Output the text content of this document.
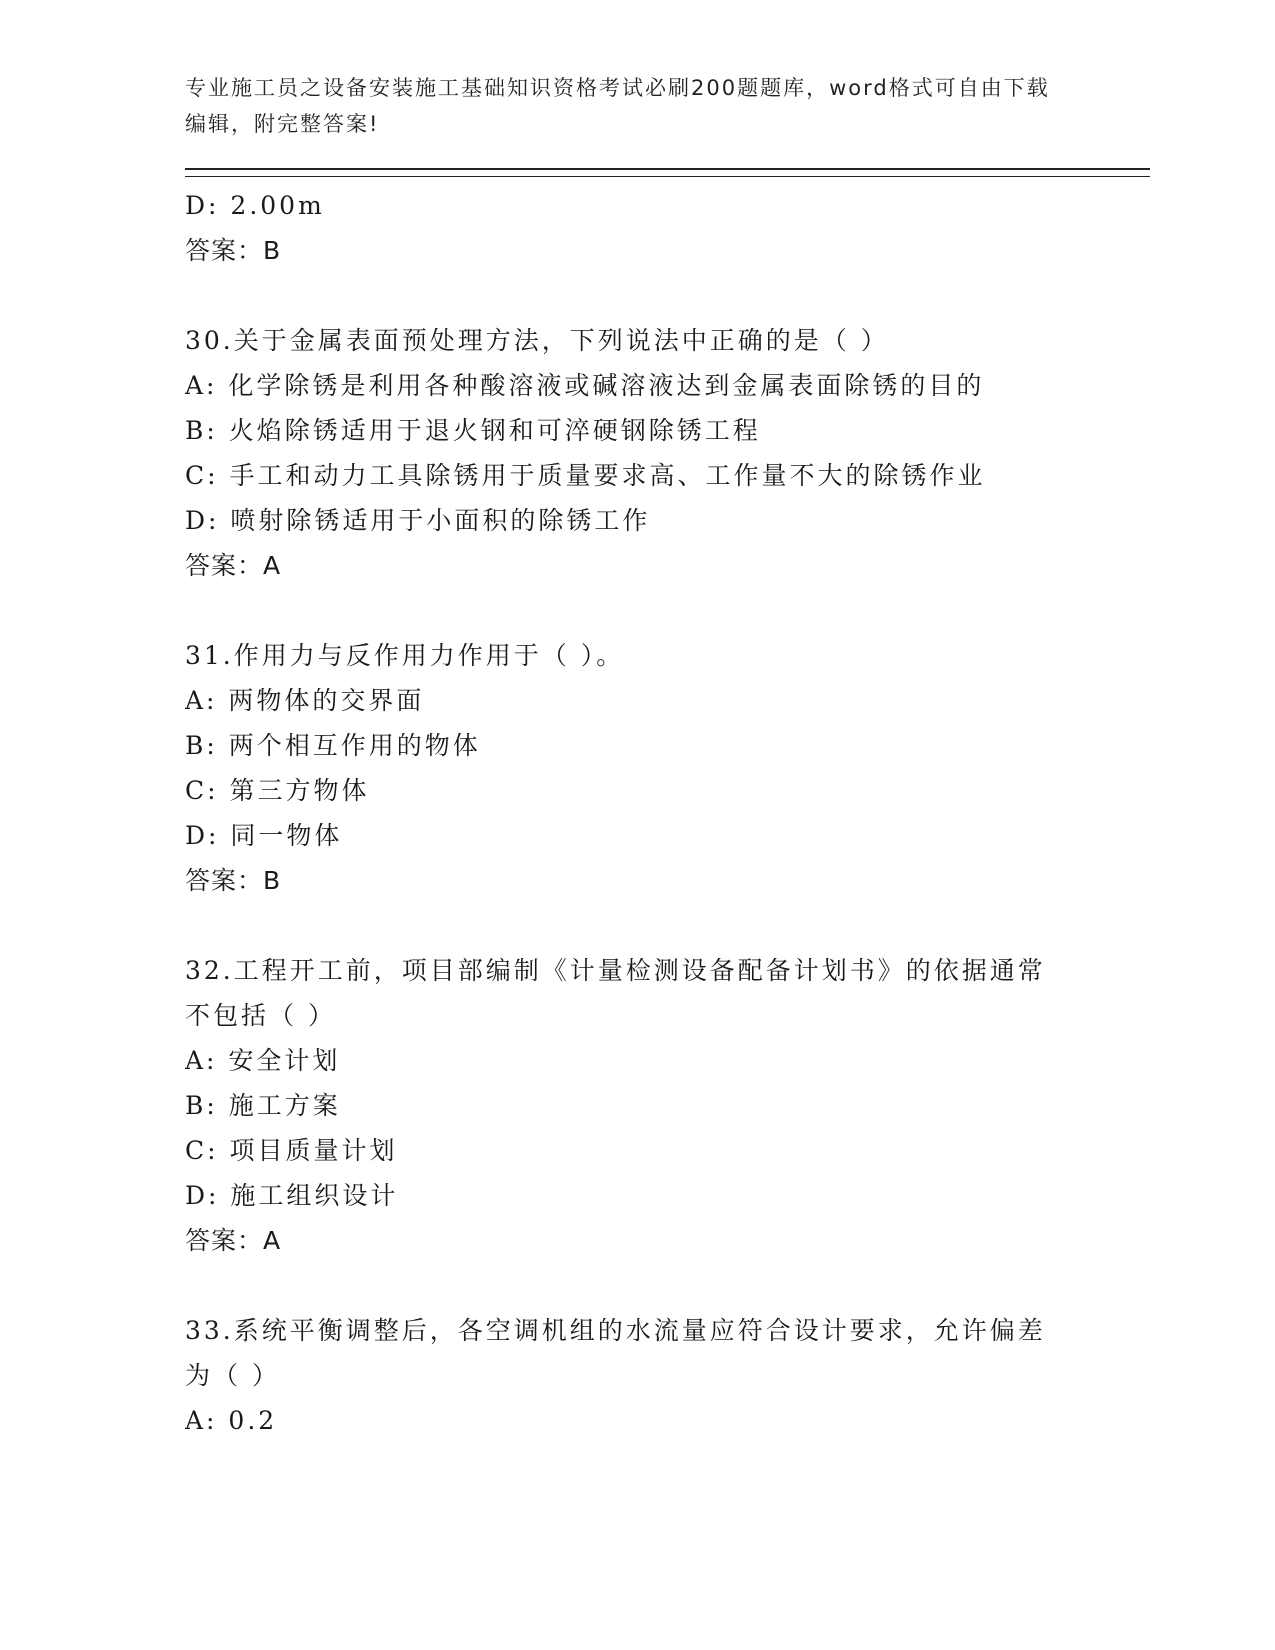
专业施工员之设备安装施工基础知识资格考试必刷200题题库，word格式可自由下载编辑，附完整答案!

D: 2.00m
答案：B
30.关于金属表面预处理方法，下列说法中正确的是（ ）
A: 化学除锈是利用各种酸溶液或碱溶液达到金属表面除锈的目的
B: 火焰除锈适用于退火钢和可淬硬钢除锈工程
C: 手工和动力工具除锈用于质量要求高、工作量不大的除锈作业
D: 喷射除锈适用于小面积的除锈工作
答案：A
31.作用力与反作用力作用于（ ）。
A: 两物体的交界面
B: 两个相互作用的物体
C: 第三方物体
D: 同一物体
答案：B
32.工程开工前，项目部编制《计量检测设备配备计划书》的依据通常
不包括（ ）
A: 安全计划
B: 施工方案
C: 项目质量计划
D: 施工组织设计
答案：A
33.系统平衡调整后，各空调机组的水流量应符合设计要求，允许偏差
为（ ）
A: 0.2
